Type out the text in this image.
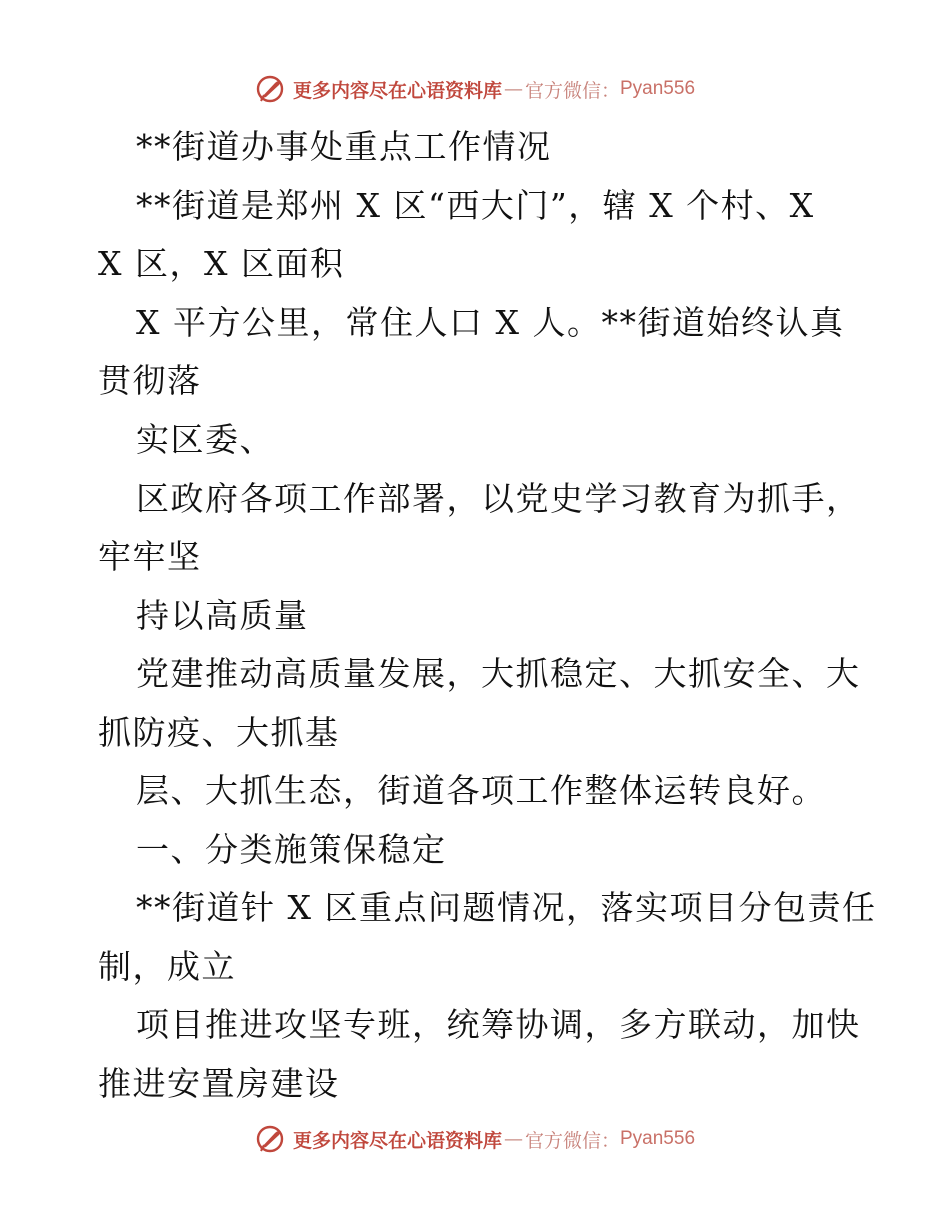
更多内容尽在心语资料库 — 官方微信： Pyan556
**街道办事处重点工作情况
**街道是郑州 X 区“西大门”，辖 X 个村、X
X 区，X 区面积
X 平方公里，常住人口 X 人。**街道始终认真
贯彻落
实区委、
区政府各项工作部署，以党史学习教育为抓手，
牢牢坚
持以高质量
党建推动高质量发展，大抓稳定、大抓安全、大
抓防疫、大抓基
层、大抓生态，街道各项工作整体运转良好。
一、分类施策保稳定
**街道针 X 区重点问题情况，落实项目分包责任
制，成立
项目推进攻坚专班，统筹协调，多方联动，加快
推进安置房建设
更多内容尽在心语资料库 — 官方微信： Pyan556
